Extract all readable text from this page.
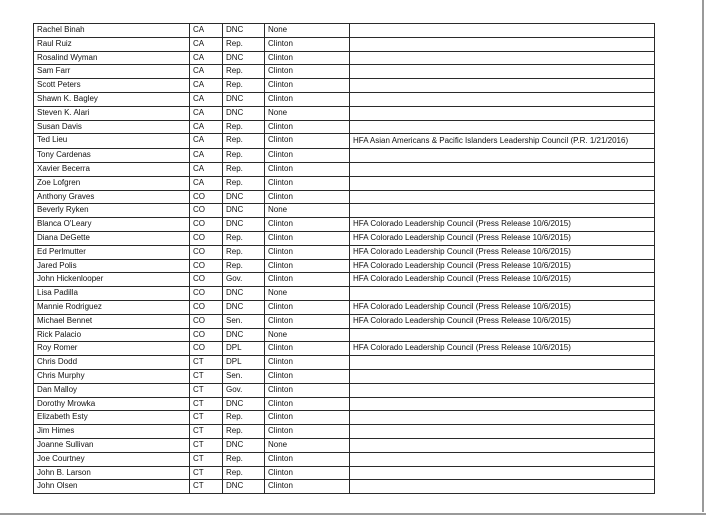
Rachel Binah	CA	DNC	None	
Raul Ruiz	CA	Rep.	Clinton	
Rosalind Wyman	CA	DNC	Clinton	
Sam Farr	CA	Rep.	Clinton	
Scott Peters	CA	Rep.	Clinton	
Shawn K. Bagley	CA	DNC	Clinton	
Steven K. Alari	CA	DNC	None	
Susan Davis	CA	Rep.	Clinton	
Ted Lieu	CA	Rep.	Clinton	HFA Asian Americans & Pacific Islanders Leadership Council (P.R. 1/21/2016)
Tony Cardenas	CA	Rep.	Clinton	
Xavier Becerra	CA	Rep.	Clinton	
Zoe Lofgren	CA	Rep.	Clinton	
Anthony Graves	CO	DNC	Clinton	
Beverly Ryken	CO	DNC	None	
Blanca O'Leary	CO	DNC	Clinton	HFA Colorado Leadership Council (Press Release 10/6/2015)
Diana DeGette	CO	Rep.	Clinton	HFA Colorado Leadership Council (Press Release 10/6/2015)
Ed Perlmutter	CO	Rep.	Clinton	HFA Colorado Leadership Council (Press Release 10/6/2015)
Jared Polis	CO	Rep.	Clinton	HFA Colorado Leadership Council (Press Release 10/6/2015)
John Hickenlooper	CO	Gov.	Clinton	HFA Colorado Leadership Council (Press Release 10/6/2015)
Lisa Padilla	CO	DNC	None	
Mannie Rodriguez	CO	DNC	Clinton	HFA Colorado Leadership Council (Press Release 10/6/2015)
Michael Bennet	CO	Sen.	Clinton	HFA Colorado Leadership Council (Press Release 10/6/2015)
Rick Palacio	CO	DNC	None	
Roy Romer	CO	DPL	Clinton	HFA Colorado Leadership Council (Press Release 10/6/2015)
Chris Dodd	CT	DPL	Clinton	
Chris Murphy	CT	Sen.	Clinton	
Dan Malloy	CT	Gov.	Clinton	
Dorothy Mrowka	CT	DNC	Clinton	
Elizabeth Esty	CT	Rep.	Clinton	
Jim Himes	CT	Rep.	Clinton	
Joanne Sullivan	CT	DNC	None	
Joe Courtney	CT	Rep.	Clinton	
John B. Larson	CT	Rep.	Clinton	
John Olsen	CT	DNC	Clinton	
